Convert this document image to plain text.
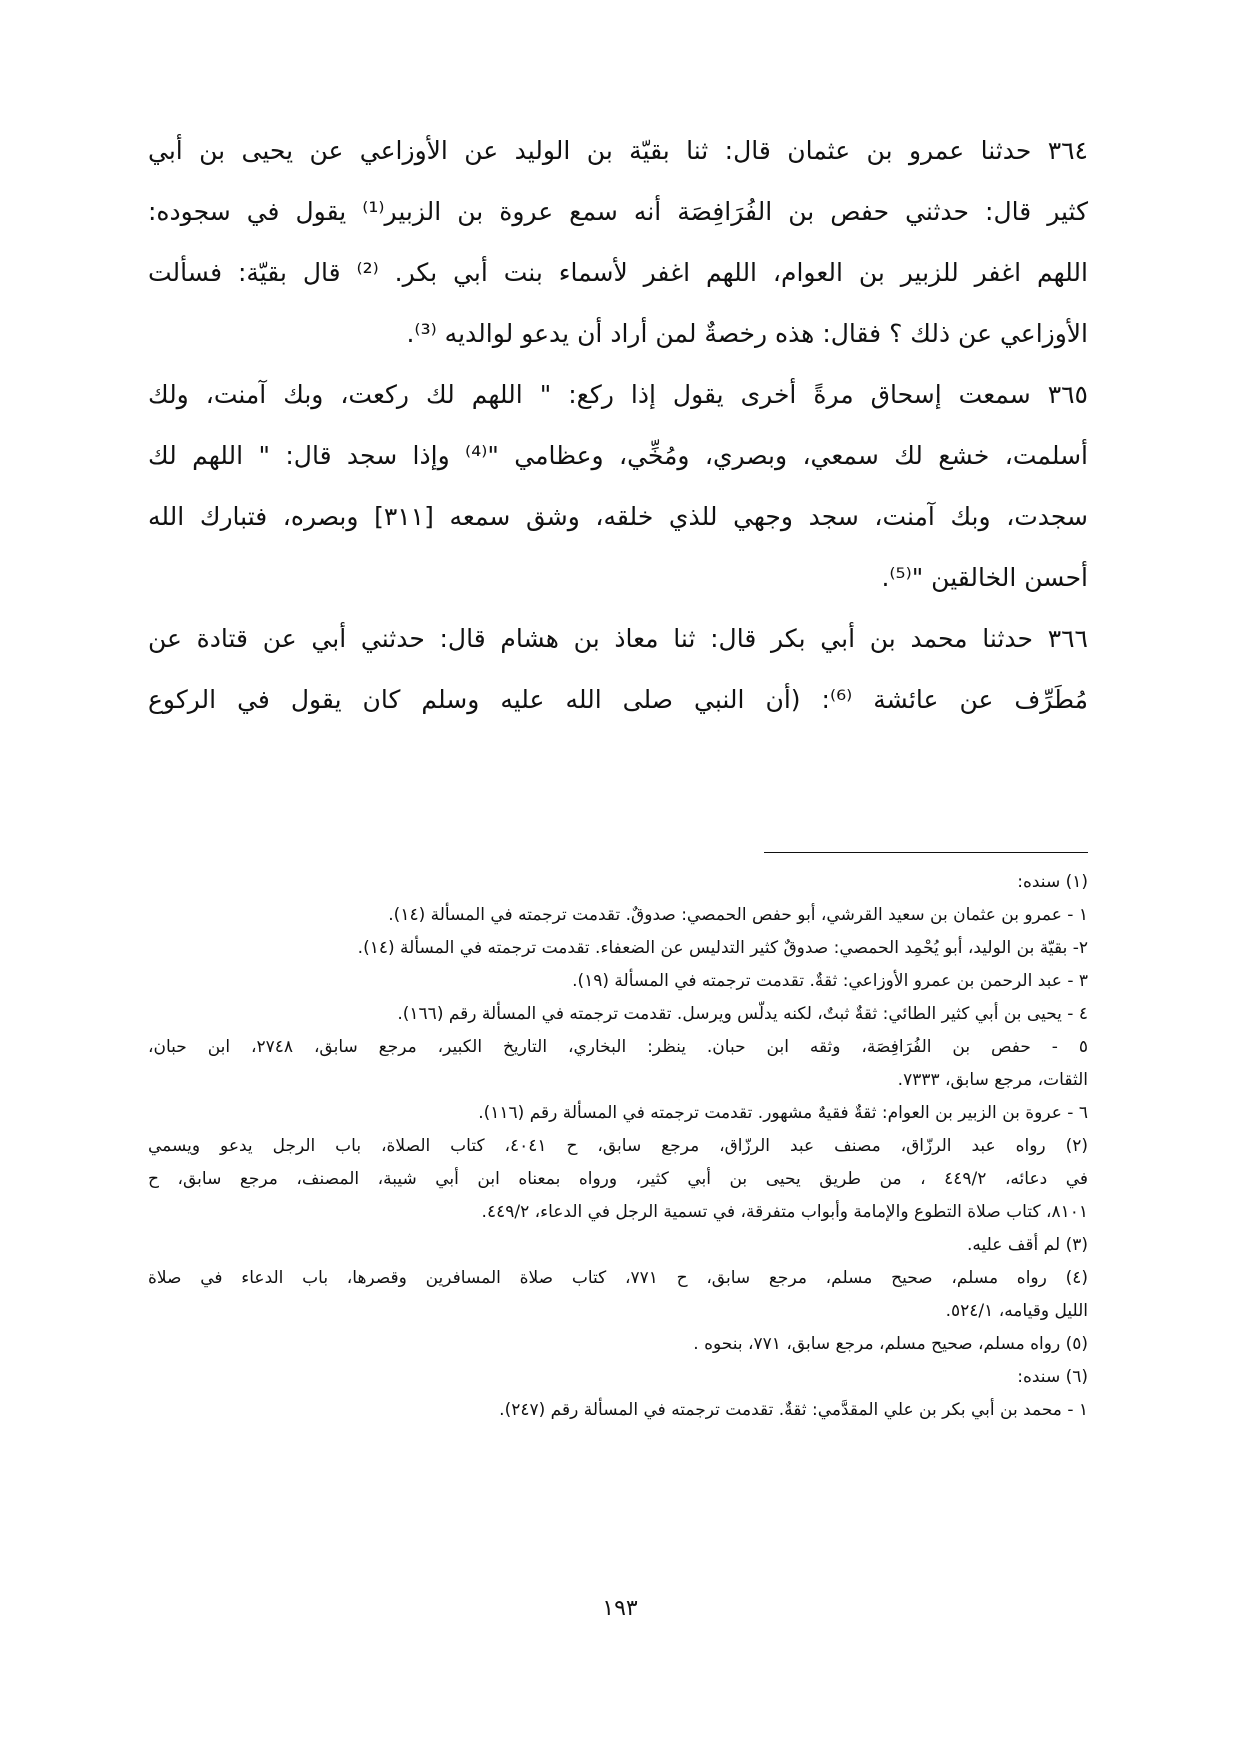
٣٦٤ حدثنا عمرو بن عثمان قال: ثنا بقيّة بن الوليد عن الأوزاعي عن يحيى بن أبي
كثير قال: حدثني حفص بن الفُرَافِصَة أنه سمع عروة بن الزبير⁽¹⁾ يقول في سجوده:
اللهم اغفر للزبير بن العوام، اللهم اغفر لأسماء بنت أبي بكر. ⁽²⁾ قال بقيّة: فسألت
الأوزاعي عن ذلك ؟ فقال: هذه رخصةٌ لمن أراد أن يدعو لوالديه ⁽³⁾.
٣٦٥ سمعت إسحاق مرةً أخرى يقول إذا ركع: " اللهم لك ركعت، وبك آمنت، ولك
أسلمت، خشع لك سمعي، وبصري، ومُخِّي، وعظامي "⁽⁴⁾ وإذا سجد قال: " اللهم لك
سجدت، وبك آمنت، سجد وجهي للذي خلقه، وشق سمعه [٣١١] وبصره، فتبارك الله
أحسن الخالقين "⁽⁵⁾.
٣٦٦ حدثنا محمد بن أبي بكر قال: ثنا معاذ بن هشام قال: حدثني أبي عن قتادة عن
مُطَرِّف عن عائشة ⁽⁶⁾: (أن النبي صلى الله عليه وسلم كان يقول في الركوع
(١) سنده:
١ - عمرو بن عثمان بن سعيد القرشي، أبو حفص الحمصي: صدوقٌ. تقدمت ترجمته في المسألة (١٤).
٢- بقيّة بن الوليد، أبو يُحْمِد الحمصي: صدوقٌ كثير التدليس عن الضعفاء. تقدمت ترجمته في المسألة (١٤).
٣ - عبد الرحمن بن عمرو الأوزاعي: ثقةٌ. تقدمت ترجمته في المسألة (١٩).
٤ - يحيى بن أبي كثير الطائي: ثقةٌ ثبتٌ، لكنه يدلّس ويرسل. تقدمت ترجمته في المسألة رقم (١٦٦).
٥ - حفص بن الفُرَافِصَة، وثقه ابن حبان. ينظر: البخاري، التاريخ الكبير، مرجع سابق، ٢٧٤٨، ابن حبان،
الثقات، مرجع سابق، ٧٣٣٣.
٦ - عروة بن الزبير بن العوام: ثقةٌ فقيهٌ مشهور. تقدمت ترجمته في المسألة رقم (١١٦).
(٢) رواه عبد الرزّاق، مصنف عبد الرزّاق، مرجع سابق، ح ٤٠٤١، كتاب الصلاة، باب الرجل يدعو ويسمي
في دعائه، ٤٤٩/٢ ، من طريق يحيى بن أبي كثير، ورواه بمعناه ابن أبي شيبة، المصنف، مرجع سابق، ح
٨١٠١، كتاب صلاة التطوع والإمامة وأبواب متفرقة، في تسمية الرجل في الدعاء، ٤٤٩/٢.
(٣) لم أقف عليه.
(٤) رواه مسلم، صحيح مسلم، مرجع سابق، ح ٧٧١، كتاب صلاة المسافرين وقصرها، باب الدعاء في صلاة
الليل وقيامه، ٥٢٤/١.
(٥) رواه مسلم، صحيح مسلم، مرجع سابق، ٧٧١، بنحوه .
(٦) سنده:
١ - محمد بن أبي بكر بن علي المقدَّمي: ثقةٌ. تقدمت ترجمته في المسألة رقم (٢٤٧).
١٩٣
